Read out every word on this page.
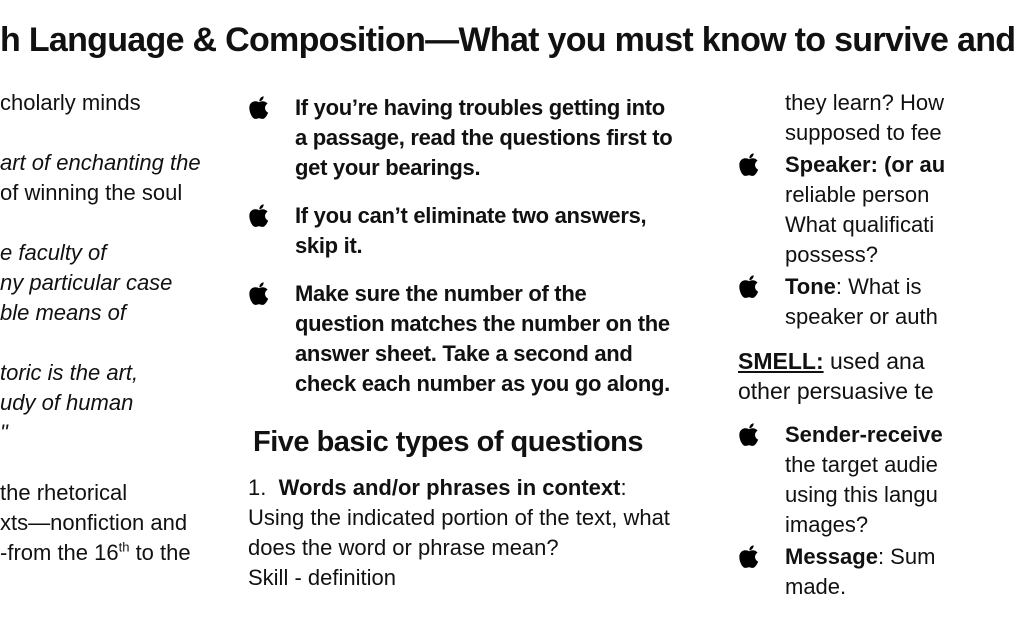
h Language & Composition—What you must know to survive and
cholarly minds

art of enchanting the
of winning the soul

e faculty of
ny particular case
ble means of

toric is the art,
udy of human
"

the rhetorical
xts—nonfiction and
-from the 16th to the
If you’re having troubles getting into a passage, read the questions first to get your bearings.
If you can’t eliminate two answers, skip it.
Make sure the number of the question matches the number on the answer sheet. Take a second and check each number as you go along.
Five basic types of questions
1. Words and/or phrases in context:
Using the indicated portion of the text, what does the word or phrase mean?
Skill - definition
they learn? How
supposed to fee
Speaker: (or au
reliable person
What qualificati
possess?
Tone: What is
speaker or auth
SMELL: used ana
other persuasive te
Sender-receive
the target audie
using this langu
images?
Message: Sum
made.
